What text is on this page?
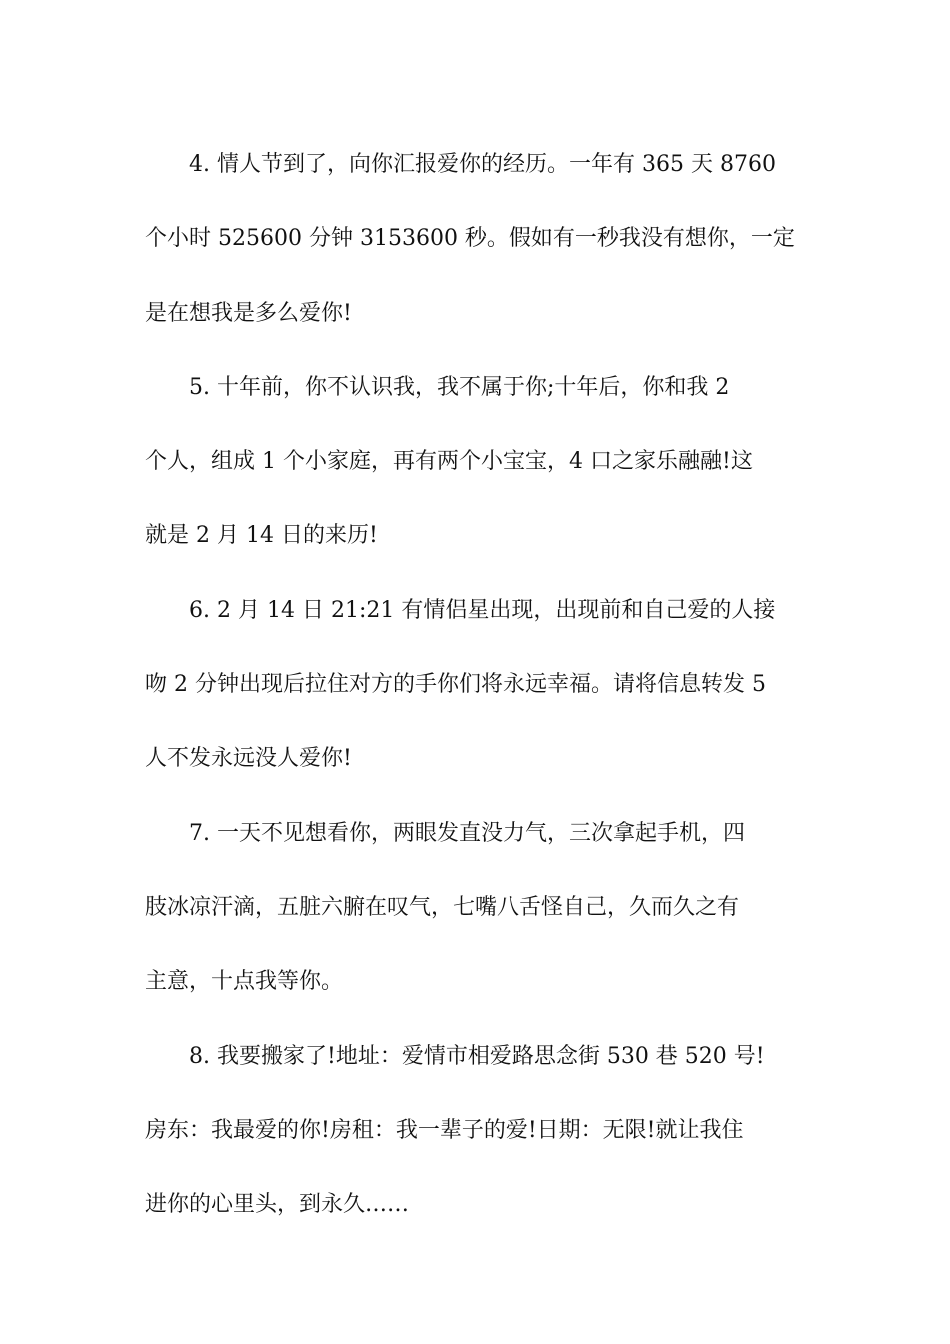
4. 情人节到了，向你汇报爱你的经历。一年有 365 天 8760
个小时 525600 分钟 3153600 秒。假如有一秒我没有想你，一定
是在想我是多么爱你!

5. 十年前，你不认识我，我不属于你;十年后，你和我 2
个人，组成 1 个小家庭，再有两个小宝宝，4 口之家乐融融!这
就是 2 月 14 日的来历!

6. 2 月 14 日 21:21 有情侣星出现，出现前和自己爱的人接
吻 2 分钟出现后拉住对方的手你们将永远幸福。请将信息转发 5
人不发永远没人爱你!

7. 一天不见想看你，两眼发直没力气，三次拿起手机，四
肢冰凉汗滴，五脏六腑在叹气，七嘴八舌怪自己，久而久之有
主意，十点我等你。

8. 我要搬家了!地址：爱情市相爱路思念街 530 巷 520 号!
房东：我最爱的你!房租：我一辈子的爱!日期：无限!就让我住
进你的心里头，到永久……
